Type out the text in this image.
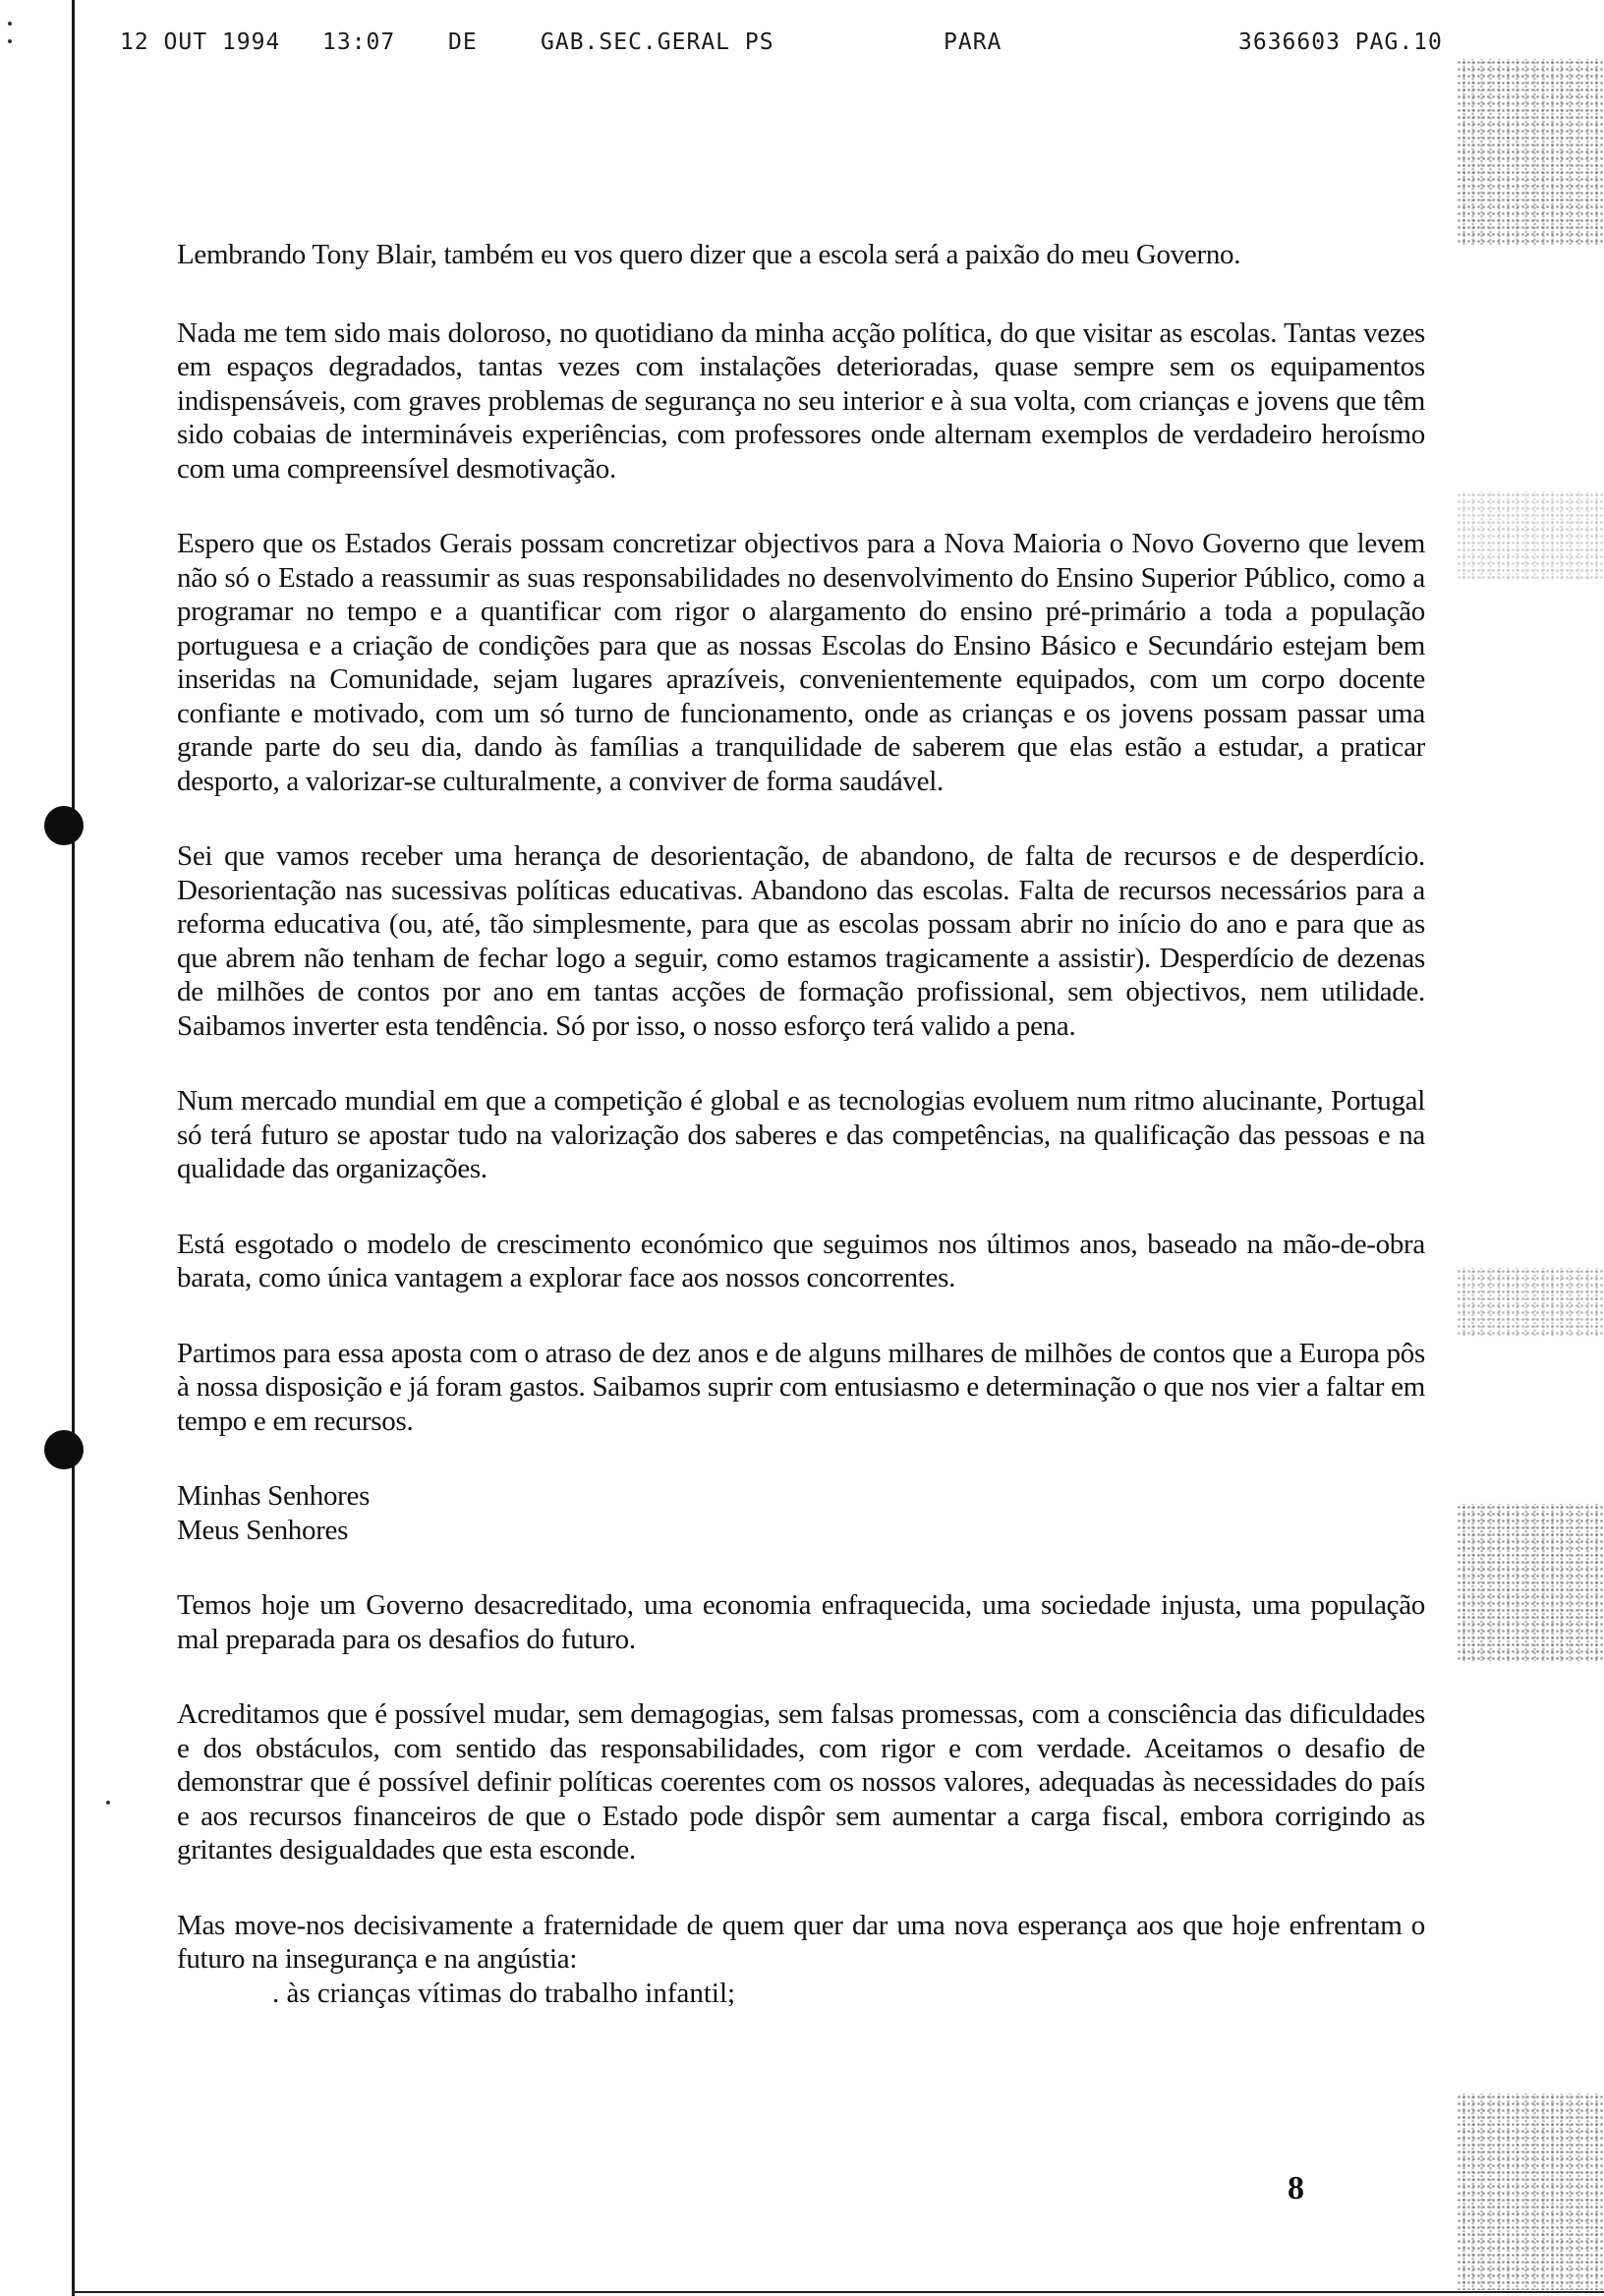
12 OUT 1994 13:07 DE	GAB.SEC.GERAL PS	PARA	3636603 PAG.10

Lembrando Tony Blair, também eu vos quero dizer que a escola será a paixão do meu Governo.

Nada me tem sido mais doloroso, no quotidiano da minha acção política, do que visitar as escolas. Tantas vezes em espaços degradados, tantas vezes com instalações deterioradas, quase sempre sem os equipamentos indispensáveis, com graves problemas de segurança no seu interior e à sua volta, com crianças e jovens que têm sido cobaias de intermináveis experiências, com professores onde alternam exemplos de verdadeiro heroísmo com uma compreensível desmotivação.

Espero que os Estados Gerais possam concretizar objectivos para a Nova Maioria o Novo Governo que levem não só o Estado a reassumir as suas responsabilidades no desenvolvimento do Ensino Superior Público, como a programar no tempo e a quantificar com rigor o alargamento do ensino pré-primário a toda a população portuguesa e a criação de condições para que as nossas Escolas do Ensino Básico e Secundário estejam bem inseridas na Comunidade, sejam lugares aprazíveis, convenientemente equipados, com um corpo docente confiante e motivado, com um só turno de funcionamento, onde as crianças e os jovens possam passar uma grande parte do seu dia, dando às famílias a tranquilidade de saberem que elas estão a estudar, a praticar desporto, a valorizar-se culturalmente, a conviver de forma saudável.

Sei que vamos receber uma herança de desorientação, de abandono, de falta de recursos e de desperdício. Desorientação nas sucessivas políticas educativas. Abandono das escolas. Falta de recursos necessários para a reforma educativa (ou, até, tão simplesmente, para que as escolas possam abrir no início do ano e para que as que abrem não tenham de fechar logo a seguir, como estamos tragicamente a assistir). Desperdício de dezenas de milhões de contos por ano em tantas acções de formação profissional, sem objectivos, nem utilidade. Saibamos inverter esta tendência. Só por isso, o nosso esforço terá valido a pena.

Num mercado mundial em que a competição é global e as tecnologias evoluem num ritmo alucinante, Portugal só terá futuro se apostar tudo na valorização dos saberes e das competências, na qualificação das pessoas e na qualidade das organizações.

Está esgotado o modelo de crescimento económico que seguimos nos últimos anos, baseado na mão-de-obra barata, como única vantagem a explorar face aos nossos concorrentes.

Partimos para essa aposta com o atraso de dez anos e de alguns milhares de milhões de contos que a Europa pôs à nossa disposição e já foram gastos. Saibamos suprir com entusiasmo e determinação o que nos vier a faltar em tempo e em recursos.

Minhas Senhores
Meus Senhores

Temos hoje um Governo desacreditado, uma economia enfraquecida, uma sociedade injusta, uma população mal preparada para os desafios do futuro.

Acreditamos que é possível mudar, sem demagogias, sem falsas promessas, com a consciência das dificuldades e dos obstáculos, com sentido das responsabilidades, com rigor e com verdade. Aceitamos o desafio de demonstrar que é possível definir políticas coerentes com os nossos valores, adequadas às necessidades do país e aos recursos financeiros de que o Estado pode dispôr sem aumentar a carga fiscal, embora corrigindo as gritantes desigualdades que esta esconde.

Mas move-nos decisivamente a fraternidade de quem quer dar uma nova esperança aos que hoje enfrentam o futuro na insegurança e na angústia:

. às crianças vítimas do trabalho infantil;
8
